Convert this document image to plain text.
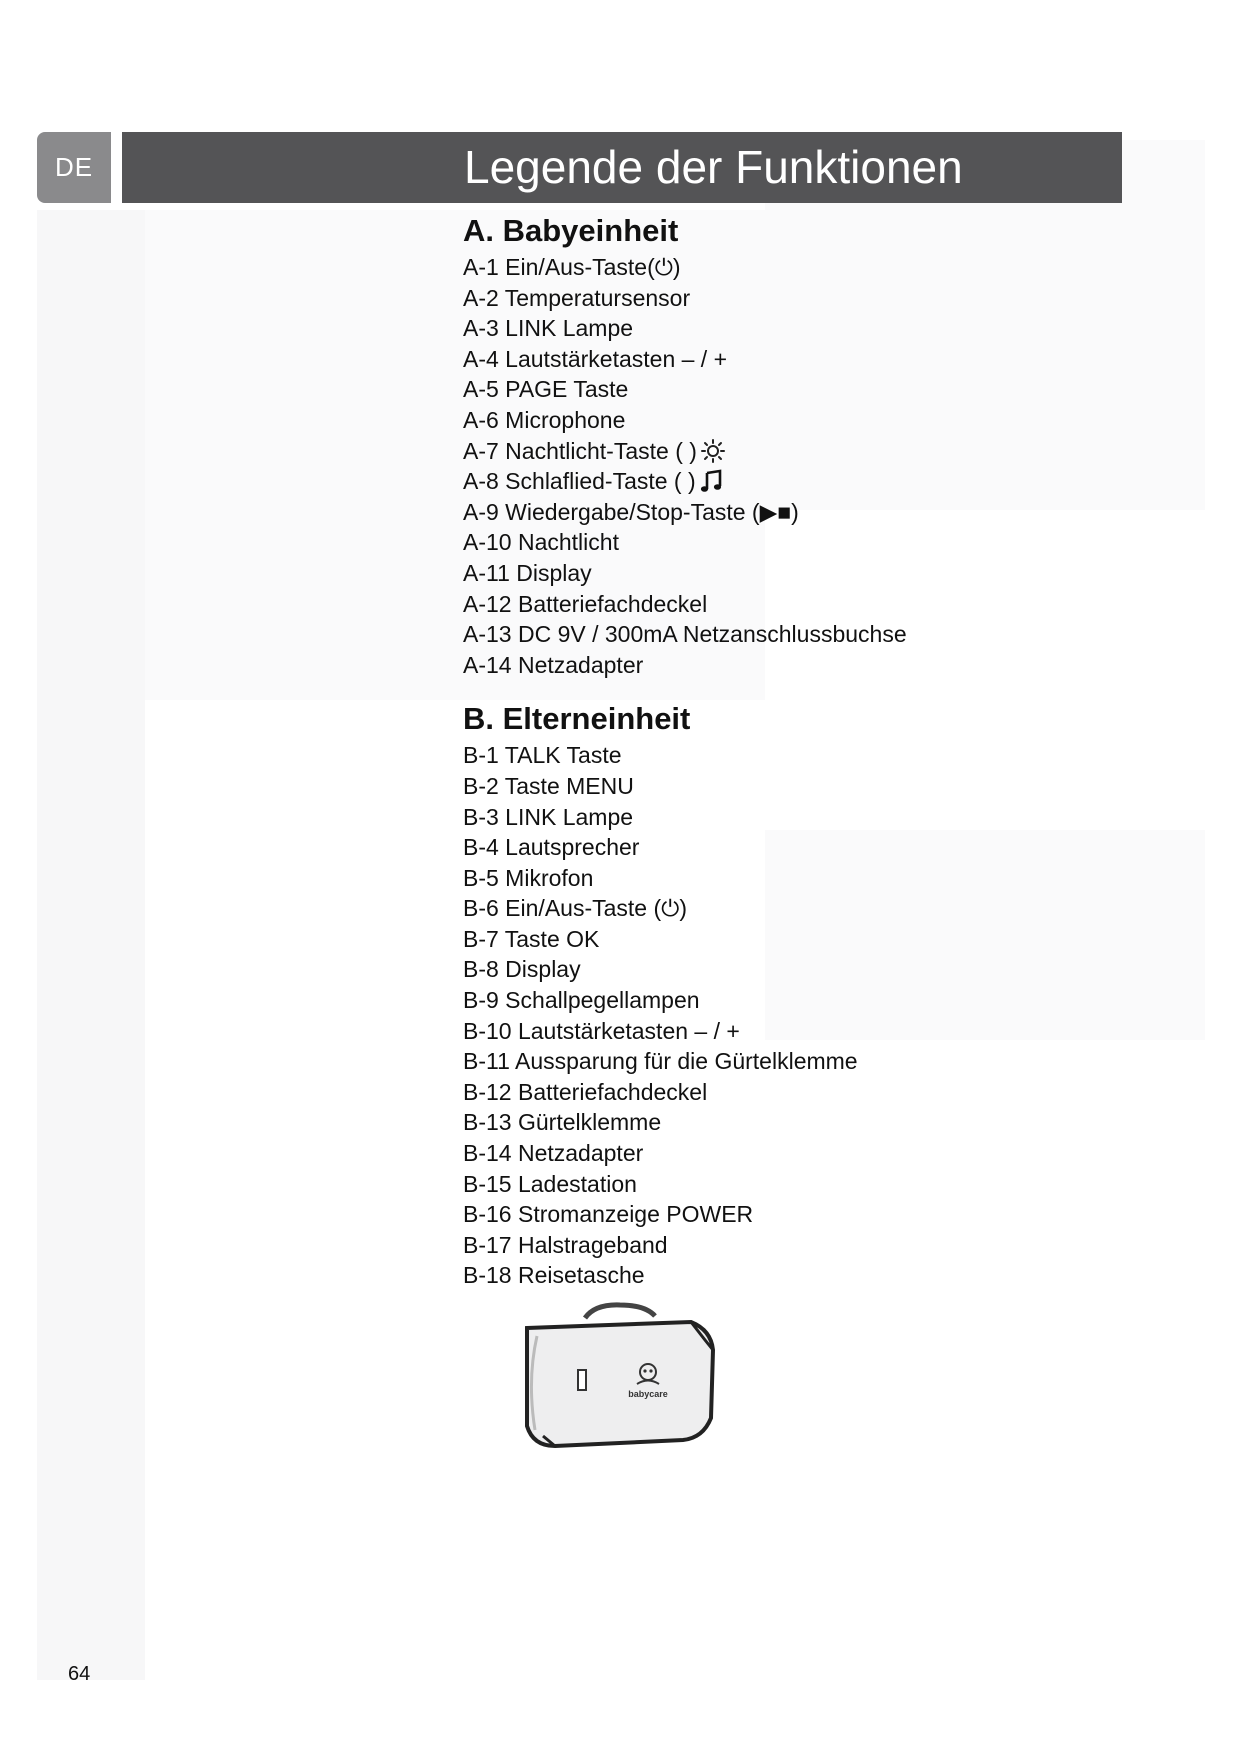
DE	Legende der Funktionen
A. Babyeinheit
A-1 Ein/Aus-Taste(⏻)
A-2 Temperatursensor
A-3 LINK Lampe
A-4 Lautstärketasten – / +
A-5 PAGE Taste
A-6 Microphone
A-7 Nachtlicht-Taste ( )
A-8 Schlaflied-Taste ( )
A-9 Wiedergabe/Stop-Taste (▶■)
A-10 Nachtlicht
A-11 Display
A-12 Batteriefachdeckel
A-13 DC 9V / 300mA Netzanschlussbuchse
A-14 Netzadapter
B. Elterneinheit
B-1 TALK Taste
B-2 Taste MENU
B-3 LINK Lampe
B-4 Lautsprecher
B-5 Mikrofon
B-6 Ein/Aus-Taste (⏻)
B-7 Taste OK
B-8 Display
B-9 Schallpegellampen
B-10 Lautstärketasten – / +
B-11 Aussparung für die Gürtelklemme
B-12 Batteriefachdeckel
B-13 Gürtelklemme
B-14 Netzadapter
B-15 Ladestation
B-16 Stromanzeige POWER
B-17 Halstrageband
B-18 Reisetasche
babycare
64
